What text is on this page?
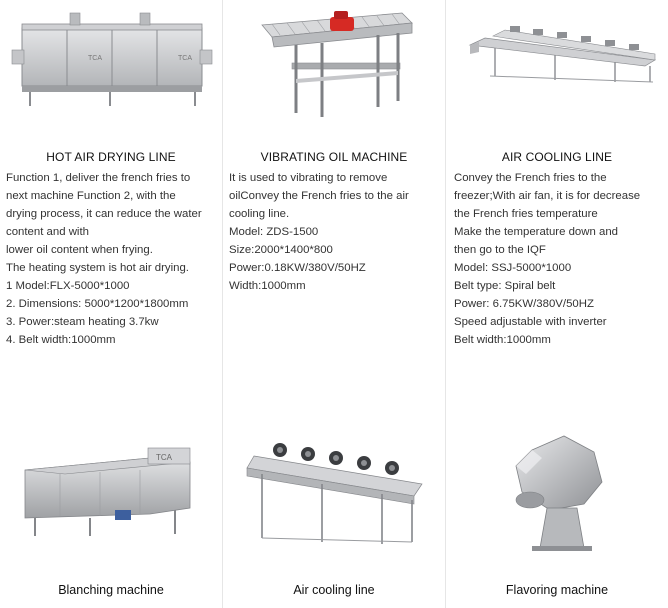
TCA	TCA
HOT AIR DRYING LINE
Function 1, deliver the french fries to
next machine Function 2, with the
drying process, it can reduce the water
content and with
lower oil content when frying.
The heating system is hot air drying.
1 Model:FLX-5000*1000
2. Dimensions: 5000*1200*1800mm
3. Power:steam heating 3.7kw
4. Belt width:1000mm
VIBRATING OIL MACHINE
It is used to vibrating to remove
oilConvey the French fries to the air
cooling line.
Model: ZDS-1500
Size:2000*1400*800
Power:0.18KW/380V/50HZ
Width:1000mm
AIR COOLING LINE
Convey the French fries to the
freezer;With air fan, it is for decrease
the French fries temperature
Make the temperature down and
then go to the IQF
Model: SSJ-5000*1000
Belt type: Spiral belt
Power: 6.75KW/380V/50HZ
Speed adjustable with inverter
Belt width:1000mm
TCA
Blanching machine	Air cooling line	Flavoring machine
